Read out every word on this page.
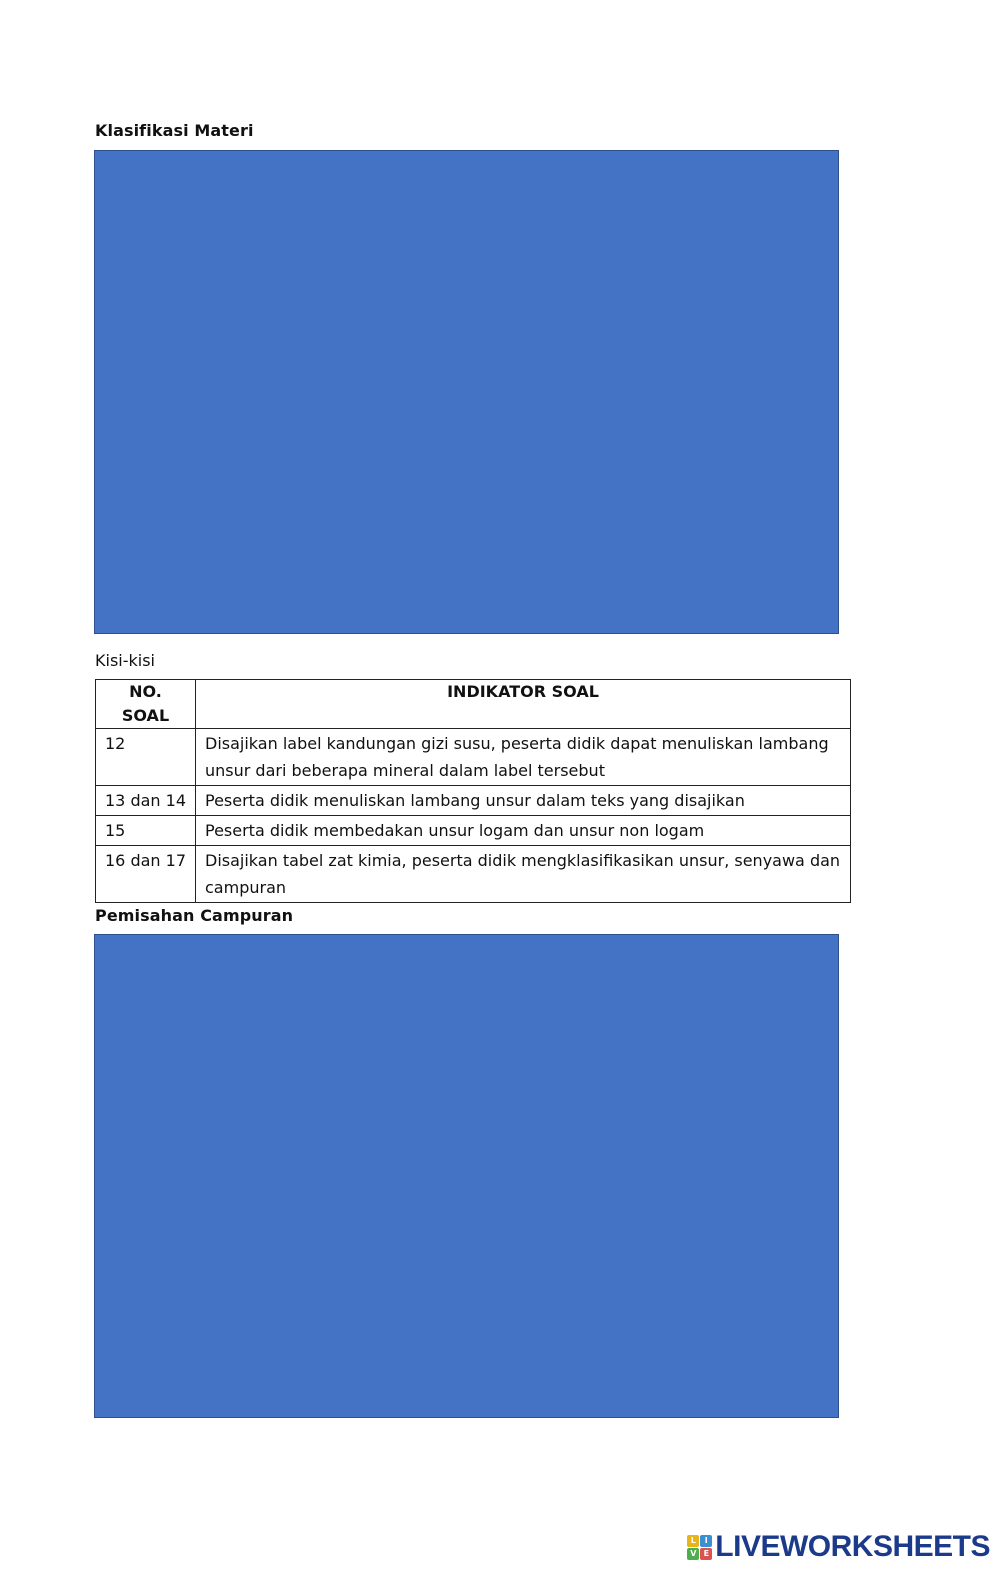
Klasifikasi Materi
Kisi-kisi
NO. SOAL	INDIKATOR SOAL
12	Disajikan label kandungan gizi susu, peserta didik dapat menuliskan lambang unsur dari beberapa mineral dalam label tersebut
13 dan 14	Peserta didik menuliskan lambang unsur dalam teks yang disajikan
15	Peserta didik membedakan unsur logam dan unsur non logam
16 dan 17	Disajikan tabel zat kimia, peserta didik mengklasifikasikan unsur, senyawa dan campuran
Pemisahan Campuran
L	I
V E LIVEWORKSHEETS
